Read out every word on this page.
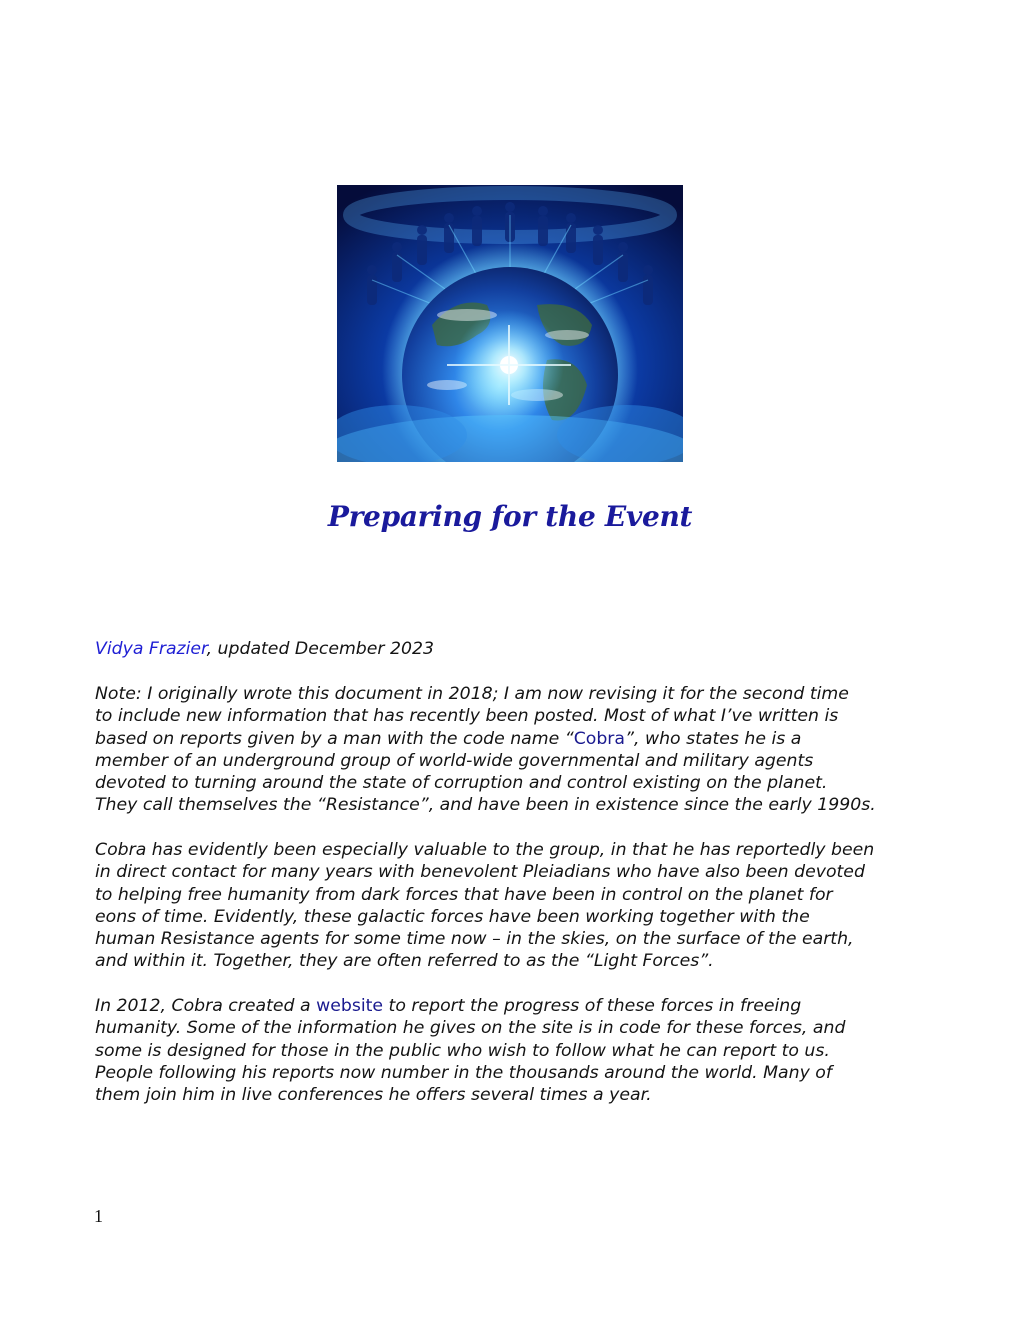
Preparing for the Event

Vidya Frazier, updated December 2023

Note: I originally wrote this document in 2018; I am now revising it for the second time

to include new information that has recently been posted. Most of what I’ve written is

based on reports given by a man with the code name “Cobra”, who states he is a

member of an underground group of world-wide governmental and military agents

devoted to turning around the state of corruption and control existing on the planet.

They call themselves the “Resistance”, and have been in existence since the early 1990s.

Cobra has evidently been especially valuable to the group, in that he has reportedly been

in direct contact for many years with benevolent Pleiadians who have also been devoted

to helping free humanity from dark forces that have been in control on the planet for

eons of time. Evidently, these galactic forces have been working together with the

human Resistance agents for some time now – in the skies, on the surface of the earth,

and within it. Together, they are often referred to as the “Light Forces”.

In 2012, Cobra created a website to report the progress of these forces in freeing

humanity. Some of the information he gives on the site is in code for these forces, and

some is designed for those in the public who wish to follow what he can report to us.

People following his reports now number in the thousands around the world. Many of

them join him in live conferences he offers several times a year.

1
